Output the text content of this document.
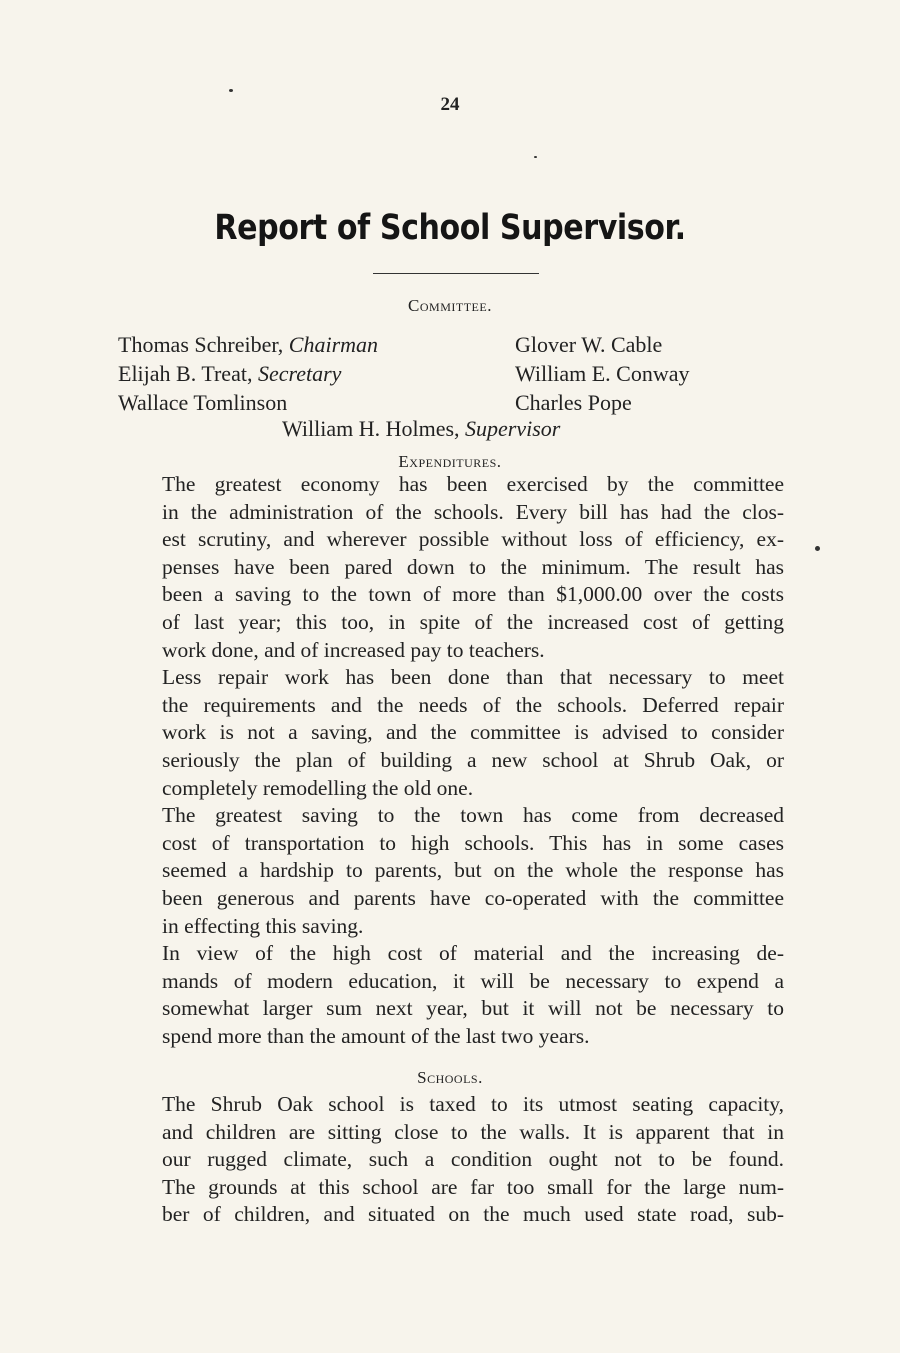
24
Report of School Supervisor.
Committee.
Thomas Schreiber, Chairman	Glover W. Cable
Elijah B. Treat, Secretary	William E. Conway
Wallace Tomlinson	Charles Pope
William H. Holmes, Supervisor
Expenditures.

The greatest economy has been exercised by the committee
in the administration of the schools. Every bill has had the clos-
est scrutiny, and wherever possible without loss of efficiency, ex-
penses have been pared down to the minimum. The result has
been a saving to the town of more than $1,000.00 over the costs
of last year; this too, in spite of the increased cost of getting
work done, and of increased pay to teachers.

Less repair work has been done than that necessary to meet
the requirements and the needs of the schools. Deferred repair
work is not a saving, and the committee is advised to consider
seriously the plan of building a new school at Shrub Oak, or
completely remodelling the old one.

The greatest saving to the town has come from decreased
cost of transportation to high schools. This has in some cases
seemed a hardship to parents, but on the whole the response has
been generous and parents have co-operated with the committee
in effecting this saving.

In view of the high cost of material and the increasing de-
mands of modern education, it will be necessary to expend a
somewhat larger sum next year, but it will not be necessary to
spend more than the amount of the last two years.

Schools.

The Shrub Oak school is taxed to its utmost seating capacity,
and children are sitting close to the walls. It is apparent that in
our rugged climate, such a condition ought not to be found.
The grounds at this school are far too small for the large num-
ber of children, and situated on the much used state road, sub-
